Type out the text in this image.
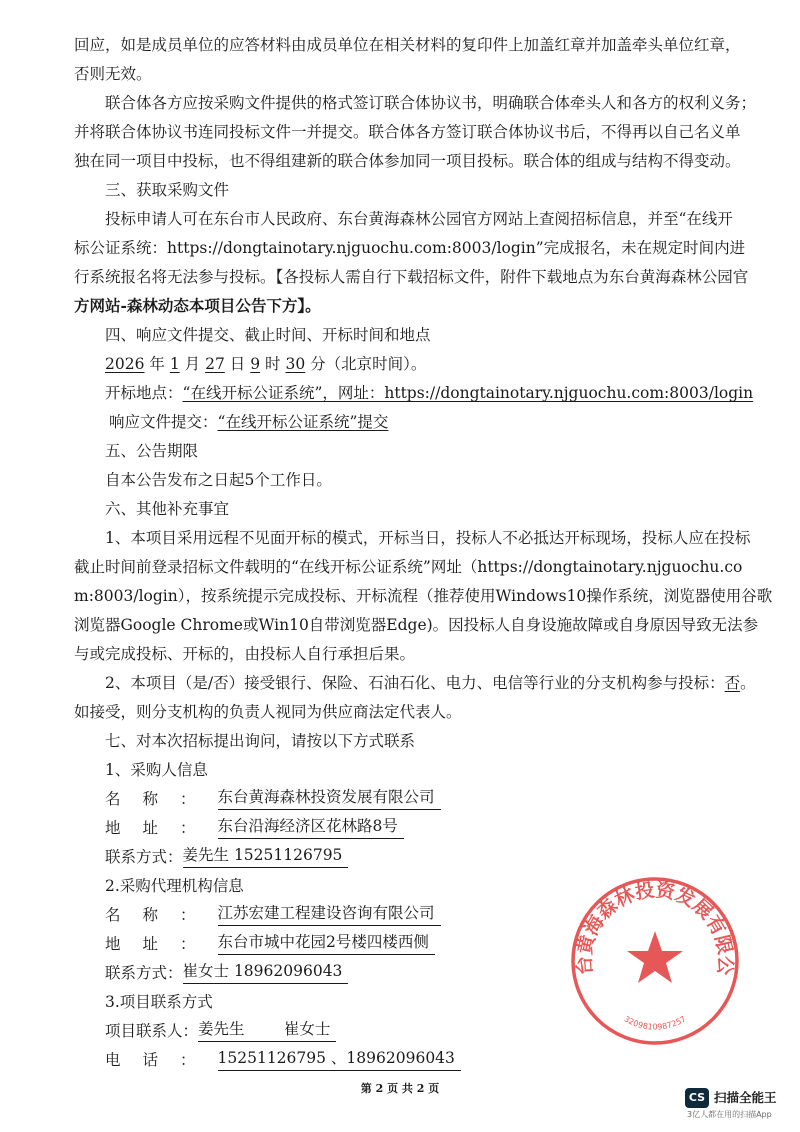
回应，如是成员单位的应答材料由成员单位在相关材料的复印件上加盖红章并加盖牵头单位红章，
否则无效。
联合体各方应按采购文件提供的格式签订联合体协议书，明确联合体牵头人和各方的权利义务；
并将联合体协议书连同投标文件一并提交。联合体各方签订联合体协议书后，不得再以自己名义单
独在同一项目中投标，也不得组建新的联合体参加同一项目投标。联合体的组成与结构不得变动。
三、获取采购文件
投标申请人可在东台市人民政府、东台黄海森林公园官方网站上查阅招标信息，并至“在线开
标公证系统：https://dongtainotary.njguochu.com:8003/login”完成报名，未在规定时间内进
行系统报名将无法参与投标。【各投标人需自行下载招标文件，附件下载地点为东台黄海森林公园官
方网站-森林动态本项目公告下方】。
四、响应文件提交、截止时间、开标时间和地点
2026 年 1 月 27 日 9 时 30 分（北京时间）。
开标地点：“在线开标公证系统”，网址：https://dongtainotary.njguochu.com:8003/login
响应文件提交：“在线开标公证系统”提交
五、公告期限
自本公告发布之日起5个工作日。
六、其他补充事宜
1、本项目采用远程不见面开标的模式，开标当日，投标人不必抵达开标现场，投标人应在投标
截止时间前登录招标文件载明的“在线开标公证系统”网址（https://dongtainotary.njguochu.co
m:8003/login），按系统提示完成投标、开标流程（推荐使用Windows10操作系统，浏览器使用谷歌
浏览器Google Chrome或Win10自带浏览器Edge)。因投标人自身设施故障或自身原因导致无法参
与或完成投标、开标的，由投标人自行承担后果。
2、本项目（是/否）接受银行、保险、石油石化、电力、电信等行业的分支机构参与投标：否。
如接受，则分支机构的负责人视同为供应商法定代表人。
七、对本次招标提出询问，请按以下方式联系
1、采购人信息
名称： 东台黄海森林投资发展有限公司
地址： 东台沿海经济区花林路8号
联系方式： 姜先生 15251126795
2.采购代理机构信息
名称： 江苏宏建工程建设咨询有限公司
地址： 东台市城中花园2号楼四楼西侧
联系方式： 崔女士 18962096043
3.项目联系方式
项目联系人： 姜先生        崔女士
台黄海森林投资发展有限公
3209810987257
电话： 15251126795 、18962096043
第 2 页 共 2 页
CS 扫描全能王
3亿人都在用的扫描App
